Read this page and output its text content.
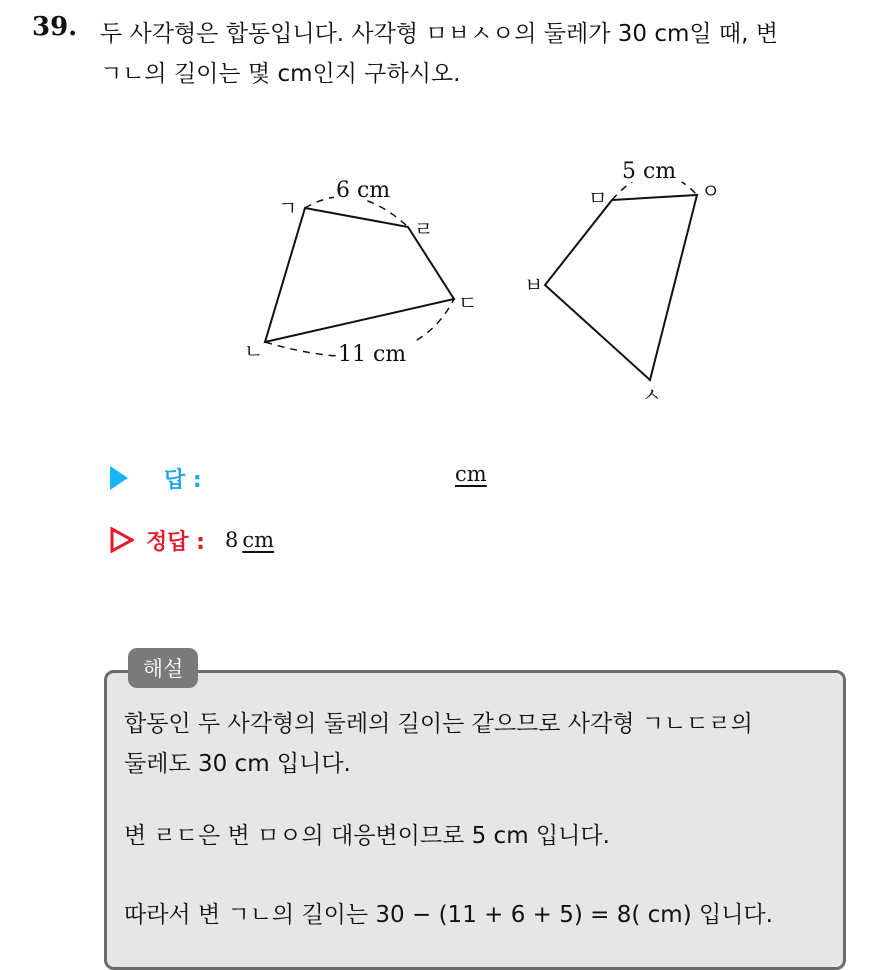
39. 두 사각형은 합동입니다. 사각형 ㅁㅂㅅㅇ의 둘레가 30 cm일 때, 변
ㄱㄴ의 길이는 몇 cm인지 구하시오.
ㄱ
ㄹ
ㄷ
ㄴ
6 cm
11 cm
ㅁ	ㅇ
ㅂ
ㅅ
5 cm
답 :	cm
정답 : 8 cm
해설
합동인 두 사각형의 둘레의 길이는 같으므로 사각형 ㄱㄴㄷㄹ의
둘레도 30 cm 입니다.
변 ㄹㄷ은 변 ㅁㅇ의 대응변이므로 5 cm 입니다.
따라서 변 ㄱㄴ의 길이는 30 − (11 + 6 + 5) = 8( cm) 입니다.
